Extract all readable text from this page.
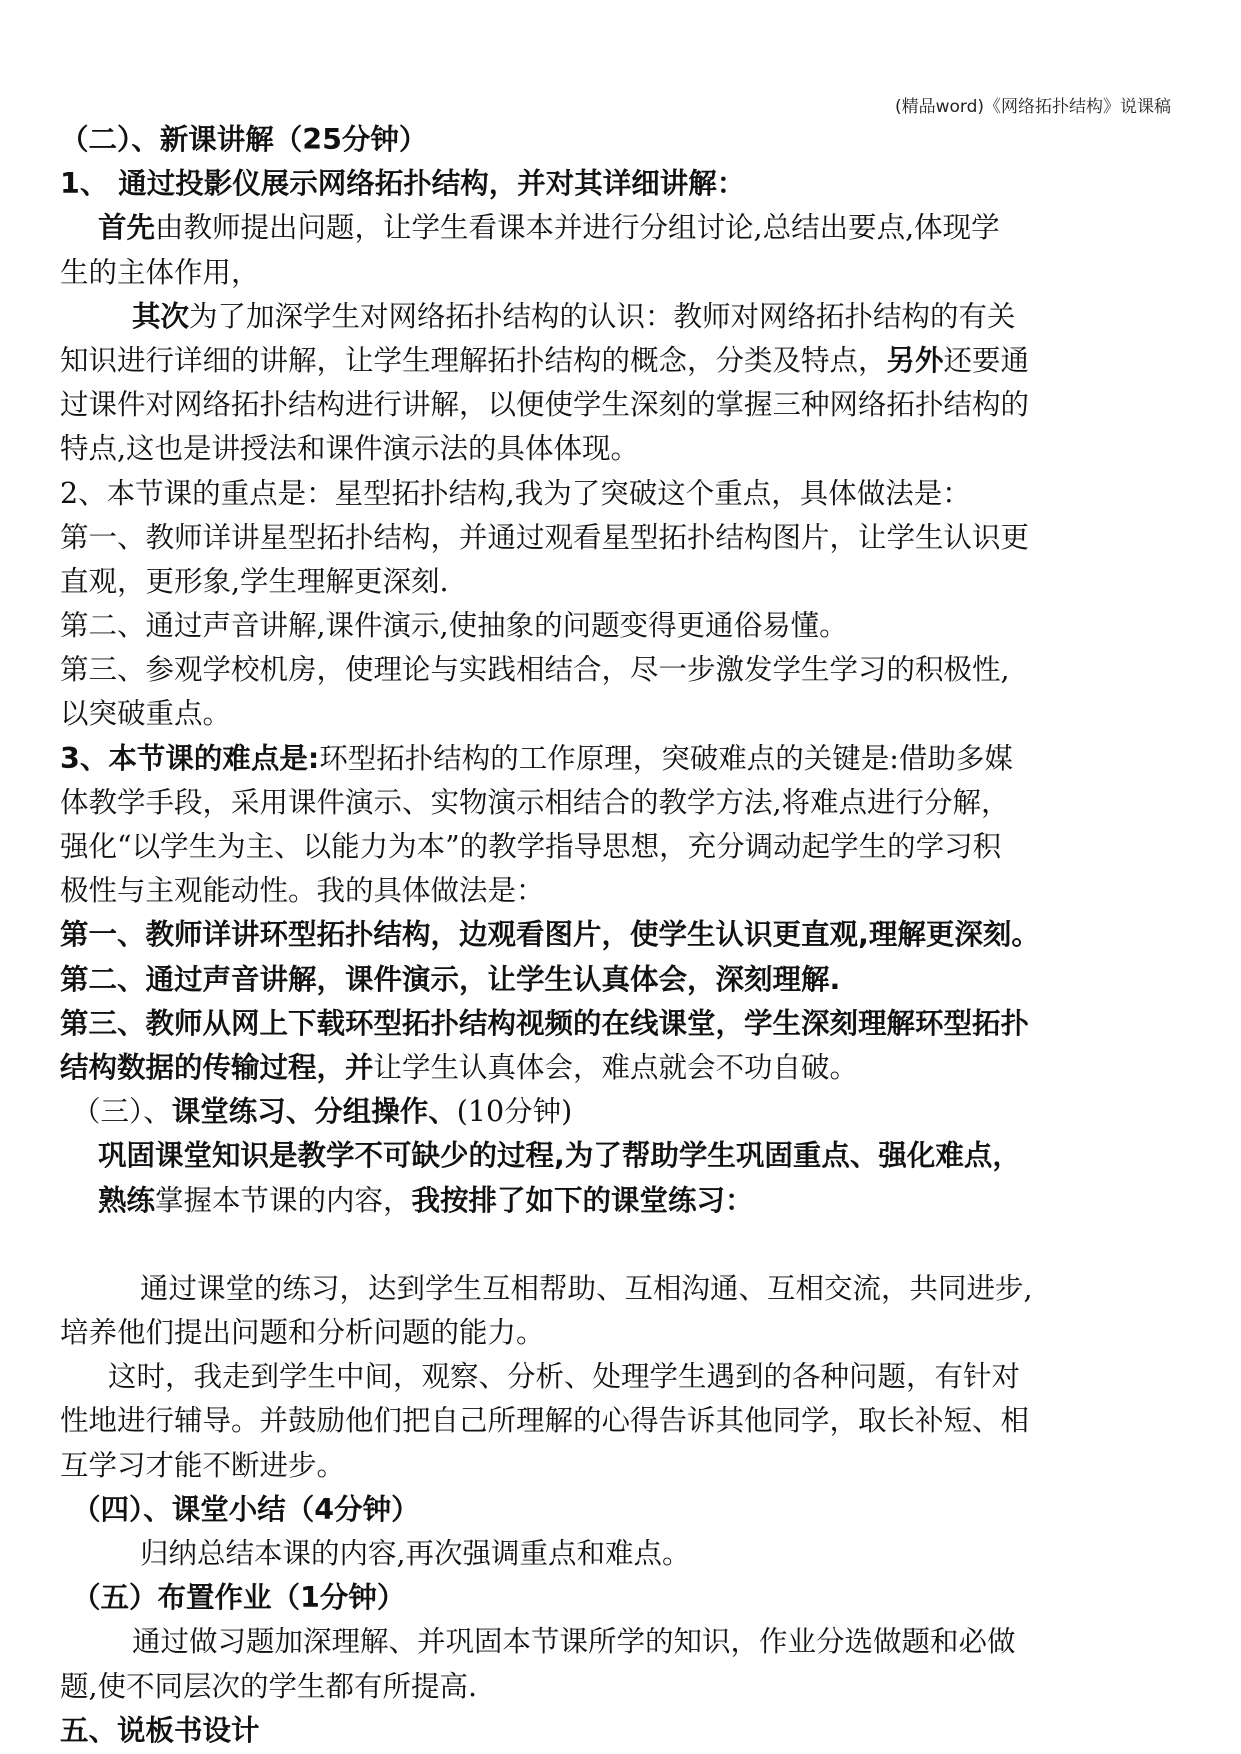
(精品word)《网络拓扑结构》说课稿
（二）、新课讲解（25分钟）
1、 通过投影仪展示网络拓扑结构，并对其详细讲解：
首先由教师提出问题，让学生看课本并进行分组讨论,总结出要点,体现学
生的主体作用，
其次为了加深学生对网络拓扑结构的认识：教师对网络拓扑结构的有关
知识进行详细的讲解，让学生理解拓扑结构的概念，分类及特点，另外还要通
过课件对网络拓扑结构进行讲解，以便使学生深刻的掌握三种网络拓扑结构的
特点,这也是讲授法和课件演示法的具体体现。
2、本节课的重点是：星型拓扑结构,我为了突破这个重点，具体做法是：
第一、教师详讲星型拓扑结构，并通过观看星型拓扑结构图片，让学生认识更
直观，更形象,学生理解更深刻.
第二、通过声音讲解,课件演示,使抽象的问题变得更通俗易懂。
第三、参观学校机房，使理论与实践相结合，尽一步激发学生学习的积极性,
以突破重点。
3、本节课的难点是:环型拓扑结构的工作原理，突破难点的关键是:借助多媒
体教学手段，采用课件演示、实物演示相结合的教学方法,将难点进行分解，
强化“以学生为主、以能力为本”的教学指导思想，充分调动起学生的学习积
极性与主观能动性。我的具体做法是：
第一、教师详讲环型拓扑结构，边观看图片，使学生认识更直观,理解更深刻。
第二、通过声音讲解，课件演示，让学生认真体会，深刻理解.
第三、教师从网上下载环型拓扑结构视频的在线课堂，学生深刻理解环型拓扑
结构数据的传输过程，并让学生认真体会，难点就会不功自破。
（三）、课堂练习、分组操作、(10分钟)
巩固课堂知识是教学不可缺少的过程,为了帮助学生巩固重点、强化难点，
熟练掌握本节课的内容，我按排了如下的课堂练习：
通过课堂的练习，达到学生互相帮助、互相沟通、互相交流，共同进步,
培养他们提出问题和分析问题的能力。
这时，我走到学生中间，观察、分析、处理学生遇到的各种问题，有针对
性地进行辅导。并鼓励他们把自己所理解的心得告诉其他同学，取长补短、相
互学习才能不断进步。
（四）、课堂小结（4分钟）
归纳总结本课的内容,再次强调重点和难点。
（五）布置作业（1分钟）
通过做习题加深理解、并巩固本节课所学的知识，作业分选做题和必做
题,使不同层次的学生都有所提高.
五、说板书设计
